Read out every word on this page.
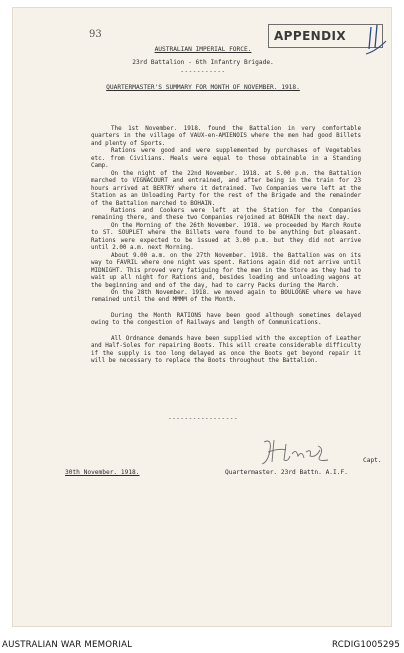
93	APPENDIX
AUSTRALIAN IMPERIAL FORCE.
23rd Battalion - 6th Infantry Brigade.
-----------
QUARTERMASTER'S SUMMARY FOR MONTH OF NOVEMBER. 1918.

The 1st November. 1918. found the Battalion in very comfortable quarters in the village of VAUX-en-AMIENOIS where the men had good Billets and plenty of Sports.

Rations were good and were supplemented by purchases of Vegetables etc. from Civilians. Meals were equal to those obtainable in a Standing Camp.

On the night of the 22nd November. 1918. at 5.00 p.m. the Battalion marched to VIGNACOURT and entrained, and after being in the train for 23 hours arrived at BERTRY where it detrained. Two Companies were left at the Station as an Unloading Party for the rest of the Brigade and the remainder of the Battalion marched to BOHAIN.

Rations and Cookers were left at the Station for the Companies remaining there, and these two Companies rejoined at BOHAIN the next day.

On the Morning of the 26th November. 1918. we proceeded by March Route to ST. SOUPLET where the Billets were found to be anything but pleasant. Rations were expected to be issued at 3.00 p.m. but they did not arrive until 2.00 a.m. next Morning.

About 9.00 a.m. on the 27th November. 1918. the Battalion was on its way to FAVRIL where one night was spent. Rations again did not arrive until MIDNIGHT. This proved very fatiguing for the men in the Store as they had to wait up all night for Rations and, besides loading and unloading wagons at the beginning and end of the day, had to carry Packs during the March.

On the 28th November. 1918. we moved again to BOULOGNE where we have remained until the end MMMM of the Month.

During the Month RATIONS have been good although sometimes delayed owing to the congestion of Railways and length of Communications.

All Ordnance demands have been supplied with the exception of Leather and Half-Soles for repairing Boots. This will create considerable difficulty if the supply is too long delayed as once the Boots get beyond repair it will be necessary to replace the Boots throughout the Battalion.

-----------------
Capt.
30th November. 1918.	Quartermaster. 23rd Battn. A.I.F.
AUSTRALIAN WAR MEMORIAL	RCDIG1005295
